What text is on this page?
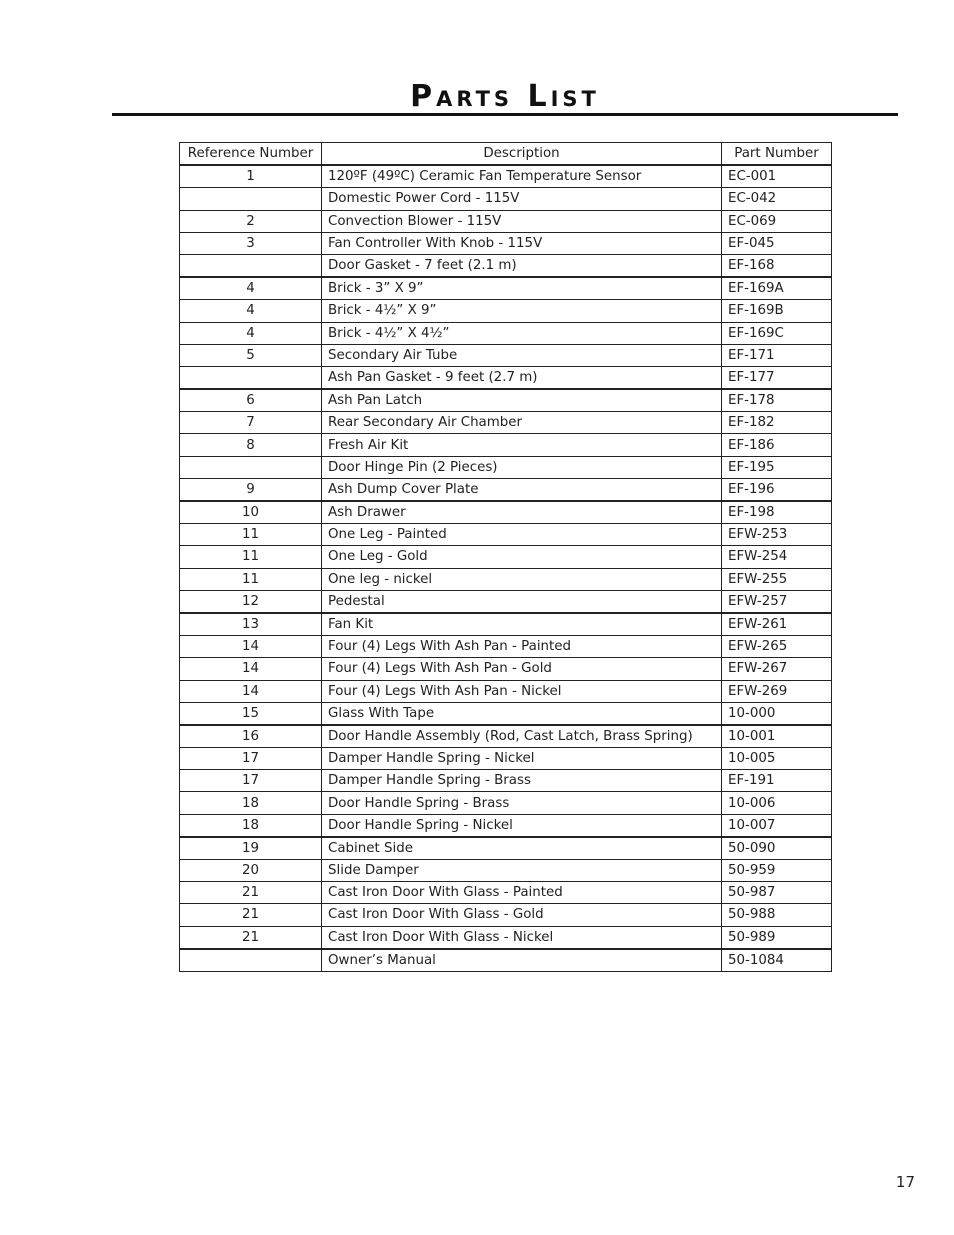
Parts List
Reference Number	Description	Part Number
1	120ºF (49ºC) Ceramic Fan Temperature Sensor	EC-001
	Domestic Power Cord - 115V	EC-042
2	Convection Blower - 115V	EC-069
3	Fan Controller With Knob - 115V	EF-045
	Door Gasket - 7 feet (2.1 m)	EF-168
4	Brick - 3” X 9”	EF-169A
4	Brick - 4½” X 9”	EF-169B
4	Brick - 4½” X 4½”	EF-169C
5	Secondary Air Tube	EF-171
	Ash Pan Gasket - 9 feet (2.7 m)	EF-177
6	Ash Pan Latch	EF-178
7	Rear Secondary Air Chamber	EF-182
8	Fresh Air Kit	EF-186
	Door Hinge Pin (2 Pieces)	EF-195
9	Ash Dump Cover Plate	EF-196
10	Ash Drawer	EF-198
11	One Leg - Painted	EFW-253
11	One Leg - Gold	EFW-254
11	One leg - nickel	EFW-255
12	Pedestal	EFW-257
13	Fan Kit	EFW-261
14	Four (4) Legs With Ash Pan - Painted	EFW-265
14	Four (4) Legs With Ash Pan - Gold	EFW-267
14	Four (4) Legs With Ash Pan - Nickel	EFW-269
15	Glass With Tape	10-000
16	Door Handle Assembly (Rod, Cast Latch, Brass Spring)	10-001
17	Damper Handle Spring - Nickel	10-005
17	Damper Handle Spring - Brass	EF-191
18	Door Handle Spring - Brass	10-006
18	Door Handle Spring - Nickel	10-007
19	Cabinet Side	50-090
20	Slide Damper	50-959
21	Cast Iron Door With Glass - Painted	50-987
21	Cast Iron Door With Glass - Gold	50-988
21	Cast Iron Door With Glass - Nickel	50-989
	Owner’s Manual	50-1084
17
